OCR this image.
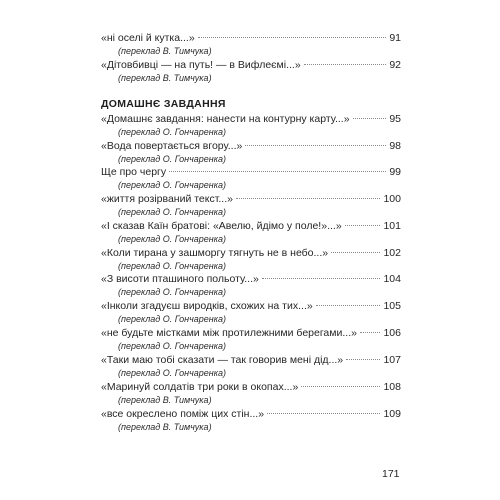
«ні оселі й кутка...»	91
(переклад В. Тимчука)
«Дітовбивці — на путь! — в Вифлеємі...»	92
(переклад В. Тимчука)
ДОМАШНЄ ЗАВДАННЯ
«Домашнє завдання: нанести на контурну карту...»	95
(переклад О. Гончаренка)
«Вода повертається вгору...»	98
(переклад О. Гончаренка)
Ще про чергу	99
(переклад О. Гончаренка)
«життя розірваний текст...»	100
(переклад О. Гончаренка)
«І сказав Каїн братові: «Авелю, йдімо у поле!»...»	101
(переклад О. Гончаренка)
«Коли тирана у зашморгу тягнуть не в небо...»	102
(переклад О. Гончаренка)
«З висоти пташиного польоту...»	104
(переклад О. Гончаренка)
«Інколи згадуєш виродків, схожих на тих...»	105
(переклад О. Гончаренка)
«не будьте містками між протилежними берегами...»	106
(переклад О. Гончаренка)
«Таки маю тобі сказати — так говорив мені дід...»	107
(переклад О. Гончаренка)
«Маринуй солдатів три роки в окопах...»	108
(переклад В. Тимчука)
«все окреслено поміж цих стін...»	109
(переклад В. Тимчука)
171
